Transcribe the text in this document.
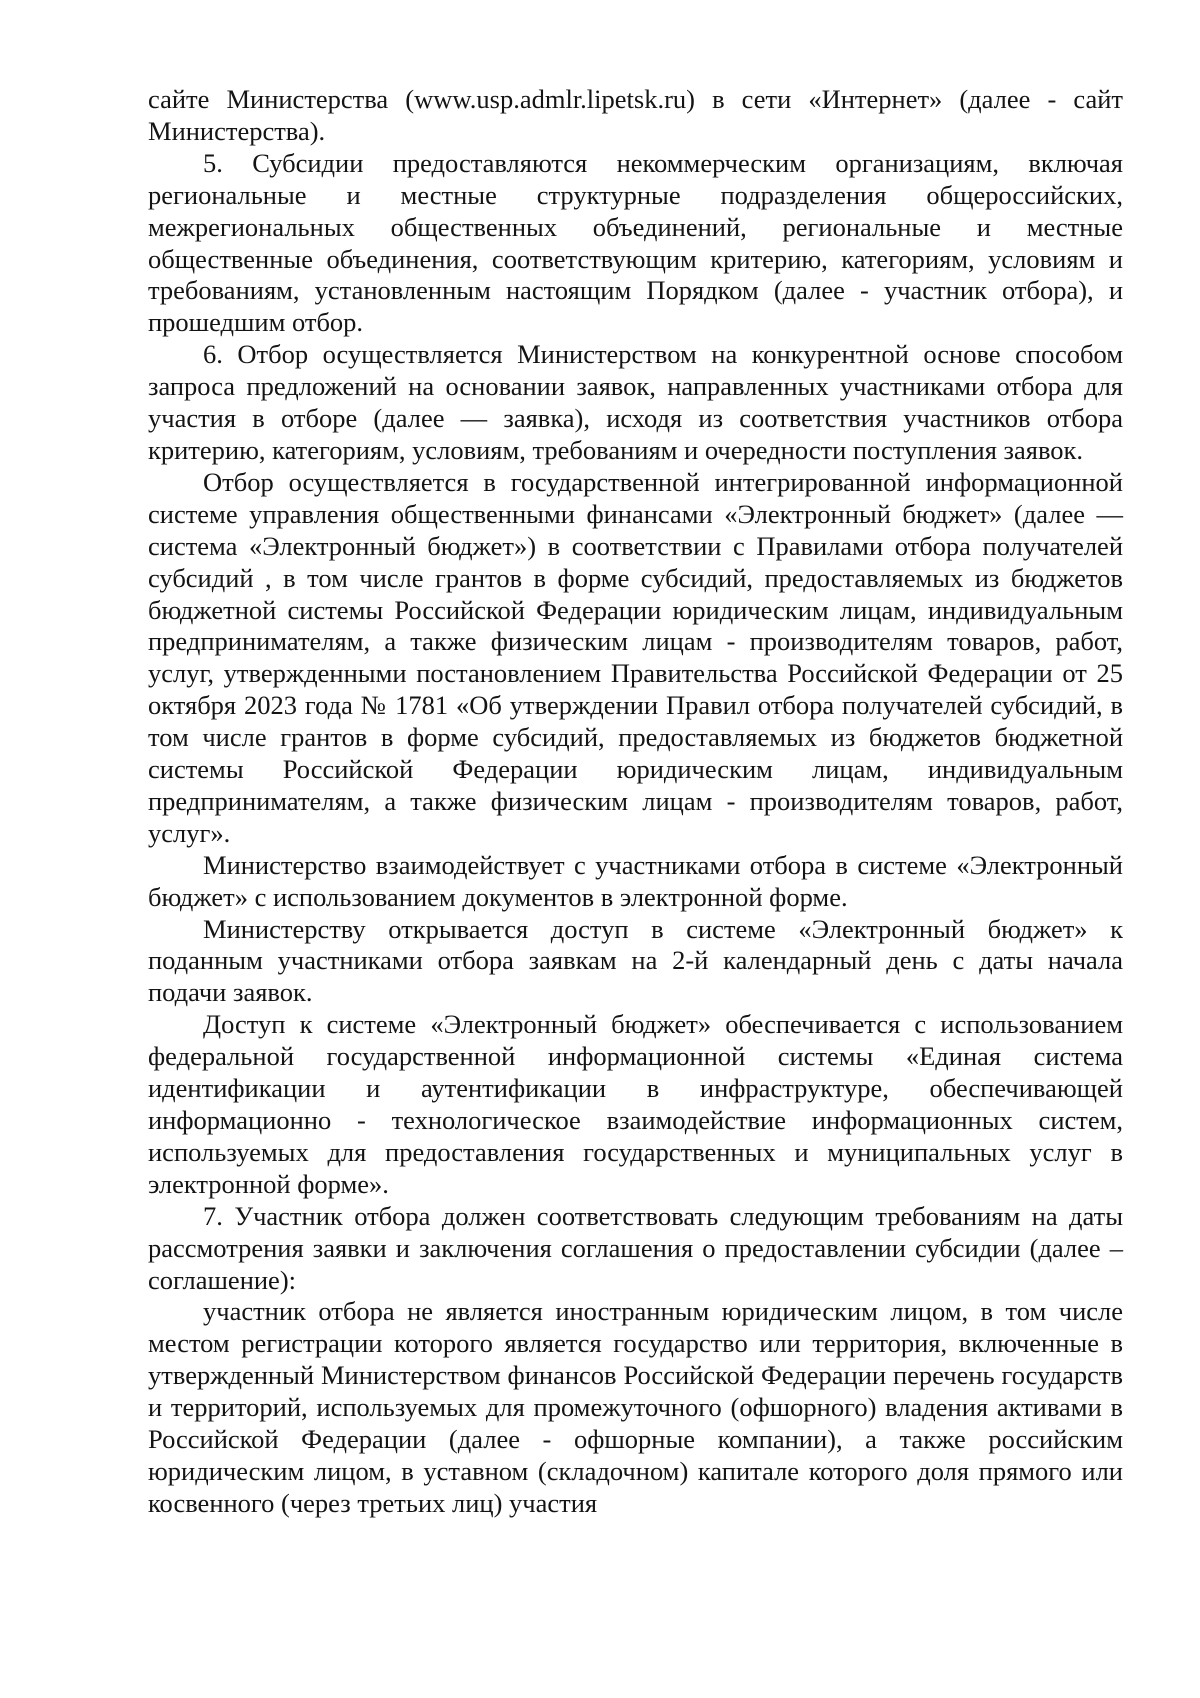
сайте Министерства (www.usp.admlr.lipetsk.ru) в сети «Интернет» (далее - сайт Министерства).

5. Субсидии предоставляются некоммерческим организациям, включая региональные и местные структурные подразделения общероссийских, межрегиональных общественных объединений, региональные и местные общественные объединения, соответствующим критерию, категориям, условиям и требованиям, установленным настоящим Порядком (далее - участник отбора), и прошедшим отбор.

6. Отбор осуществляется Министерством на конкурентной основе способом запроса предложений на основании заявок, направленных участниками отбора для участия в отборе (далее — заявка), исходя из соответствия участников отбора критерию, категориям, условиям, требованиям и очередности поступления заявок.

Отбор осуществляется в государственной интегрированной информационной системе управления общественными финансами «Электронный бюджет» (далее — система «Электронный бюджет») в соответствии с Правилами отбора получателей субсидий , в том числе грантов в форме субсидий, предоставляемых из бюджетов бюджетной системы Российской Федерации юридическим лицам, индивидуальным предпринимателям, а также физическим лицам - производителям товаров, работ, услуг, утвержденными постановлением Правительства Российской Федерации от 25 октября 2023 года № 1781 «Об утверждении Правил отбора получателей субсидий, в том числе грантов в форме субсидий, предоставляемых из бюджетов бюджетной системы Российской Федерации юридическим лицам, индивидуальным предпринимателям, а также физическим лицам - производителям товаров, работ, услуг».

Министерство взаимодействует с участниками отбора в системе «Электронный бюджет» с использованием документов в электронной форме.

Министерству открывается доступ в системе «Электронный бюджет» к поданным участниками отбора заявкам на 2-й календарный день с даты начала подачи заявок.

Доступ к системе «Электронный бюджет» обеспечивается с использованием федеральной государственной информационной системы «Единая система идентификации и аутентификации в инфраструктуре, обеспечивающей информационно - технологическое взаимодействие информационных систем, используемых для предоставления государственных и муниципальных услуг в электронной форме».

7. Участник отбора должен соответствовать следующим требованиям на даты рассмотрения заявки и заключения соглашения о предоставлении субсидии (далее – соглашение):

участник отбора не является иностранным юридическим лицом, в том числе местом регистрации которого является государство или территория, включенные в утвержденный Министерством финансов Российской Федерации перечень государств и территорий, используемых для промежуточного (офшорного) владения активами в Российской Федерации (далее - офшорные компании), а также российским юридическим лицом, в уставном (складочном) капитале которого доля прямого или косвенного (через третьих лиц) участия
